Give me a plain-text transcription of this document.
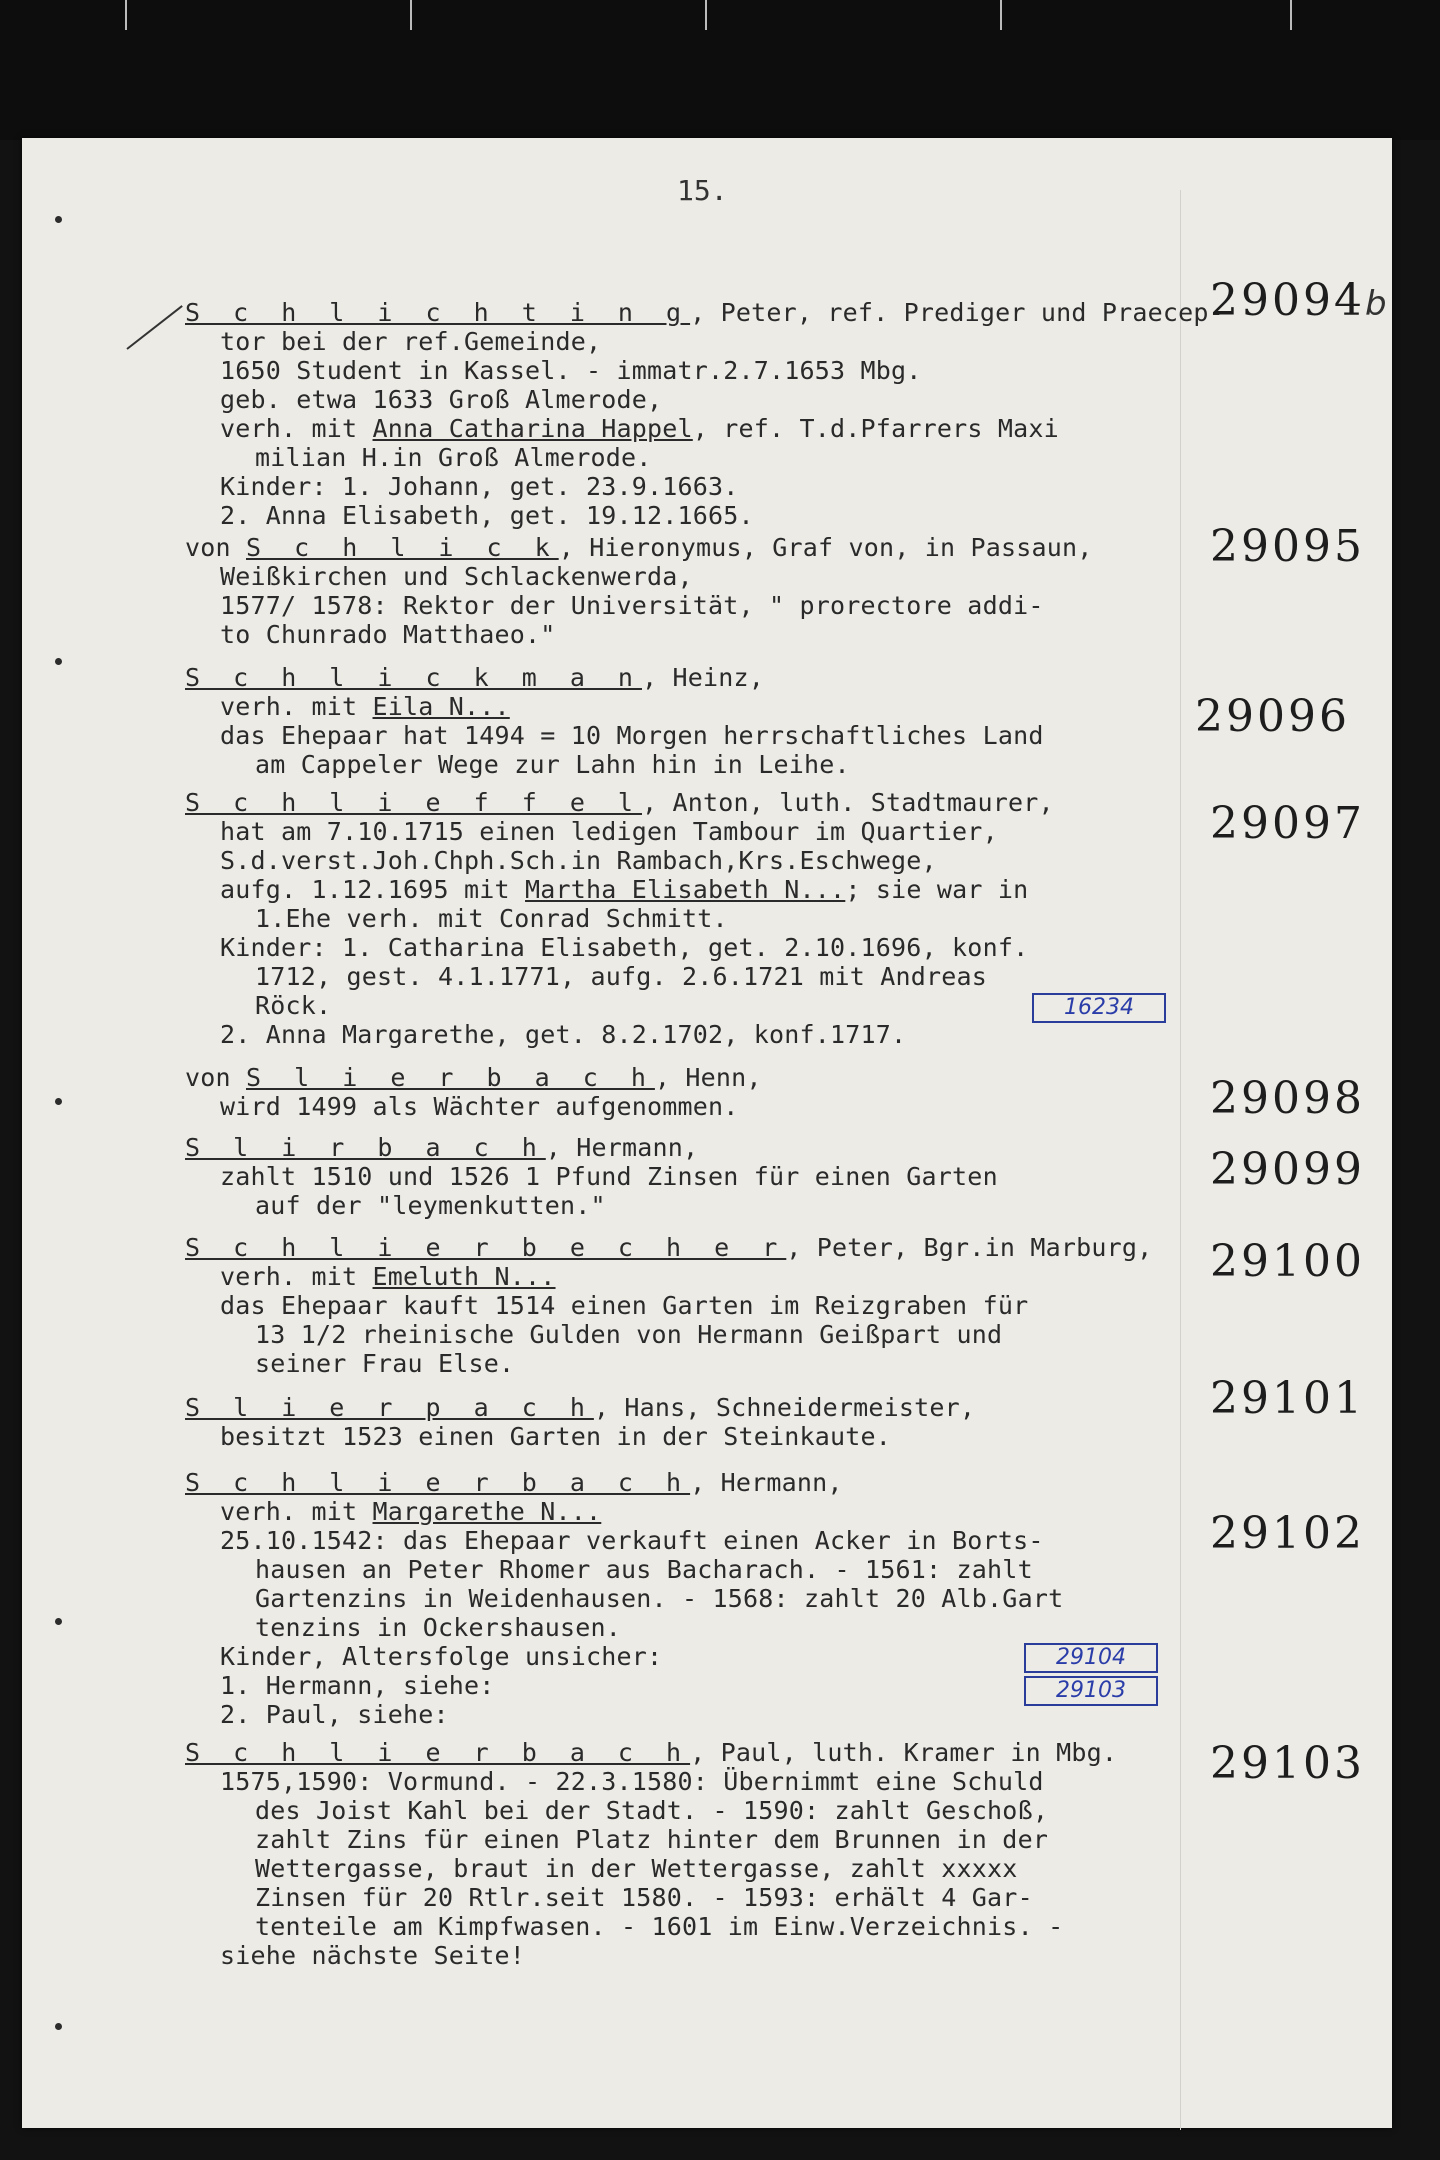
15.
S c h l i c h t i n g, Peter, ref. Prediger und Praecep-
tor bei der ref.Gemeinde,
1650 Student in Kassel. - immatr.2.7.1653 Mbg.
geb. etwa 1633 Groß Almerode,
verh. mit Anna Catharina Happel, ref. T.d.Pfarrers Maxi
milian H.in Groß Almerode.
Kinder: 1. Johann, get. 23.9.1663.
2. Anna Elisabeth, get. 19.12.1665.
29094b
von S c h l i c k, Hieronymus, Graf von, in Passaun,
Weißkirchen und Schlackenwerda,
1577/ 1578: Rektor der Universität, " prorectore addi-
to Chunrado Matthaeo."
29095
S c h l i c k m a n, Heinz,
verh. mit Eila N...
das Ehepaar hat 1494 = 10 Morgen herrschaftliches Land
am Cappeler Wege zur Lahn hin in Leihe.
29096
S c h l i e f f e l, Anton, luth. Stadtmaurer,
hat am 7.10.1715 einen ledigen Tambour im Quartier,
S.d.verst.Joh.Chph.Sch.in Rambach,Krs.Eschwege,
aufg. 1.12.1695 mit Martha Elisabeth N...; sie war in
1.Ehe verh. mit Conrad Schmitt.
Kinder: 1. Catharina Elisabeth, get. 2.10.1696, konf.
1712, gest. 4.1.1771, aufg. 2.6.1721 mit Andreas
Röck.
2. Anna Margarethe, get. 8.2.1702, konf.1717.
29097
16234
von S l i e r b a c h, Henn,
wird 1499 als Wächter aufgenommen.	29098
S l i r b a c h, Hermann,
zahlt 1510 und 1526 1 Pfund Zinsen für einen Garten
auf der "leymenkutten."
29099
S c h l i e r b e c h e r, Peter, Bgr.in Marburg,
verh. mit Emeluth N...
das Ehepaar kauft 1514 einen Garten im Reizgraben für
13 1/2 rheinische Gulden von Hermann Geißpart und
seiner Frau Else.
29100
S l i e r p a c h, Hans, Schneidermeister,
besitzt 1523 einen Garten in der Steinkaute.
29101
S c h l i e r b a c h, Hermann,
verh. mit Margarethe N...
25.10.1542: das Ehepaar verkauft einen Acker in Borts-
hausen an Peter Rhomer aus Bacharach. - 1561: zahlt
Gartenzins in Weidenhausen. - 1568: zahlt 20 Alb.Gart
tenzins in Ockershausen.
Kinder, Altersfolge unsicher:
1. Hermann, siehe:
2. Paul, siehe:
29102
29104
29103
S c h l i e r b a c h, Paul, luth. Kramer in Mbg.
1575,1590: Vormund. - 22.3.1580: Übernimmt eine Schuld
des Joist Kahl bei der Stadt. - 1590: zahlt Geschoß,
zahlt Zins für einen Platz hinter dem Brunnen in der
Wettergasse, braut in der Wettergasse, zahlt xxxxx
Zinsen für 20 Rtlr.seit 1580. - 1593: erhält 4 Gar-
tenteile am Kimpfwasen. - 1601 im Einw.Verzeichnis. -
siehe nächste Seite!
29103
